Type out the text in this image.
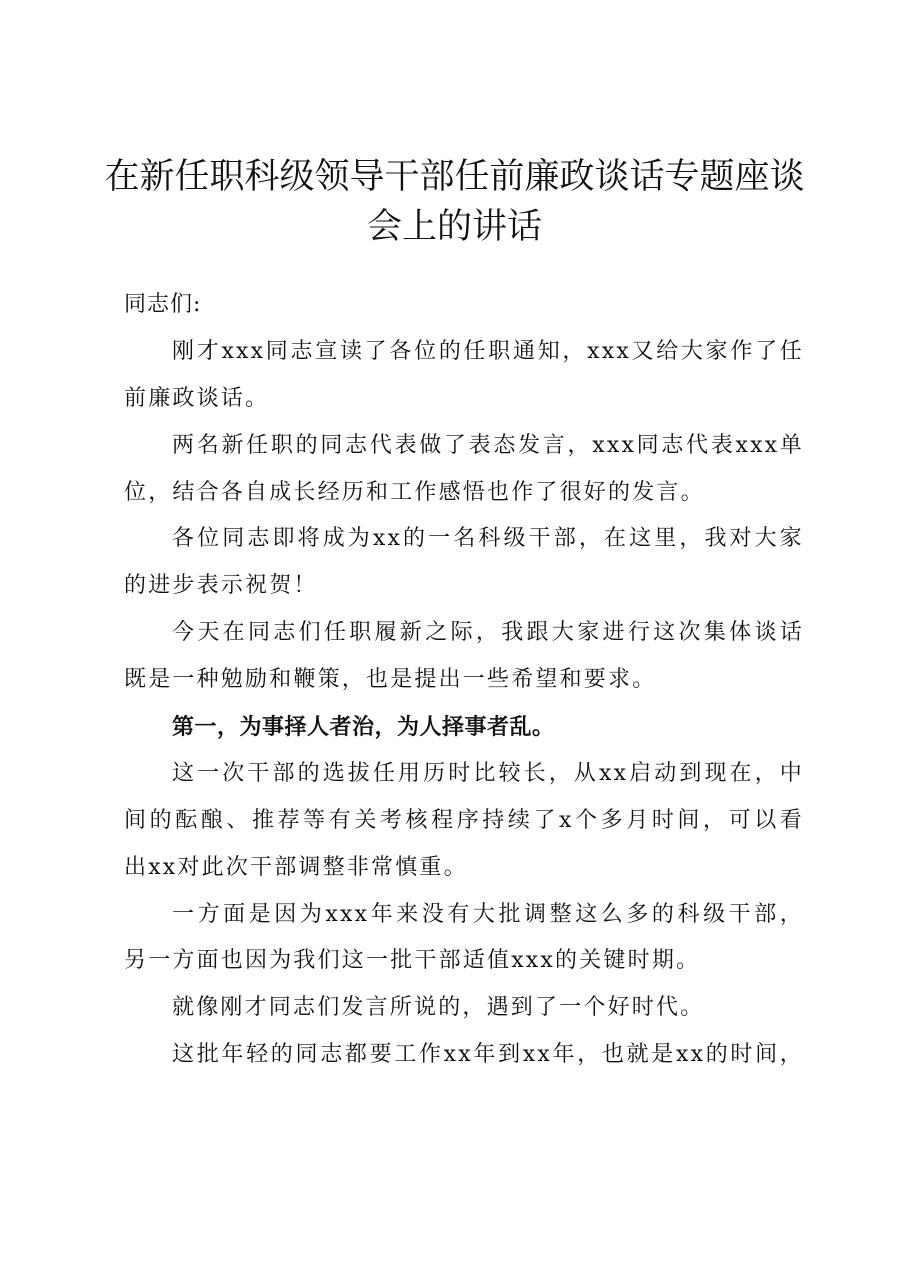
在新任职科级领导干部任前廉政谈话专题座谈
会上的讲话
同志们:
刚才xxx同志宣读了各位的任职通知，xxx又给大家作了任
前廉政谈话。
两名新任职的同志代表做了表态发言，xxx同志代表xxx单
位，结合各自成长经历和工作感悟也作了很好的发言。
各位同志即将成为xx的一名科级干部，在这里，我对大家
的进步表示祝贺！
今天在同志们任职履新之际，我跟大家进行这次集体谈话
既是一种勉励和鞭策，也是提出一些希望和要求。
第一，为事择人者治，为人择事者乱。
这一次干部的选拔任用历时比较长，从xx启动到现在，中
间的酝酿、推荐等有关考核程序持续了x个多月时间，可以看
出xx对此次干部调整非常慎重。
一方面是因为xxx年来没有大批调整这么多的科级干部，
另一方面也因为我们这一批干部适值xxx的关键时期。
就像刚才同志们发言所说的，遇到了一个好时代。
这批年轻的同志都要工作xx年到xx年，也就是xx的时间，
